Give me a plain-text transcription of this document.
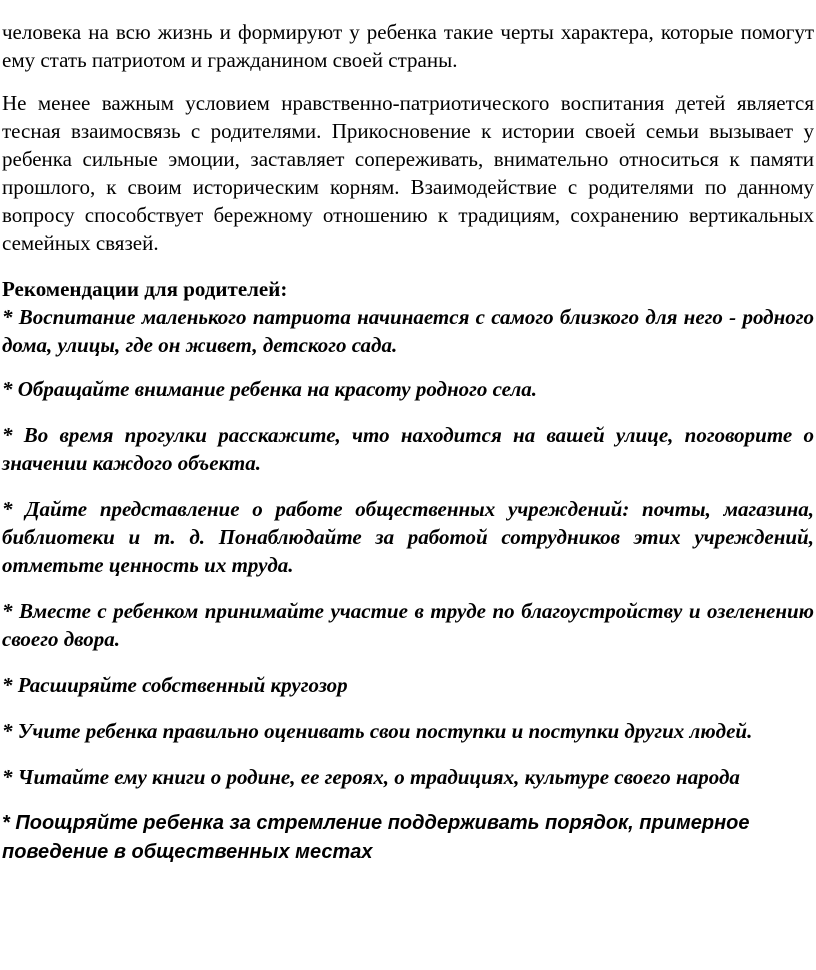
человека на всю жизнь и формируют у ребенка такие черты характера, которые помогут ему стать патриотом и гражданином своей страны.

Не менее важным условием нравственно-патриотического воспитания детей является тесная взаимосвязь с родителями. Прикосновение к истории своей семьи вызывает у ребенка сильные эмоции, заставляет сопереживать, внимательно относиться к памяти прошлого, к своим историческим корням. Взаимодействие с родителями по данному вопросу способствует бережному отношению к традициям, сохранению вертикальных семейных связей.

Рекомендации для родителей:

* Воспитание маленького патриота начинается с самого близкого для него - родного дома, улицы, где он живет, детского сада.

* Обращайте внимание ребенка на красоту родного села.

* Во время прогулки расскажите, что находится на вашей улице, поговорите о значении каждого объекта.

* Дайте представление о работе общественных учреждений: почты, магазина, библиотеки и т. д. Понаблюдайте за работой сотрудников этих учреждений, отметьте ценность их труда.

* Вместе с ребенком принимайте участие в труде по благоустройству и озеленению своего двора.

* Расширяйте собственный кругозор

* Учите ребенка правильно оценивать свои поступки и поступки других людей.

* Читайте ему книги о родине, ее героях, о традициях, культуре своего народа

* Поощряйте ребенка за стремление поддерживать порядок, примерное поведение в общественных местах
